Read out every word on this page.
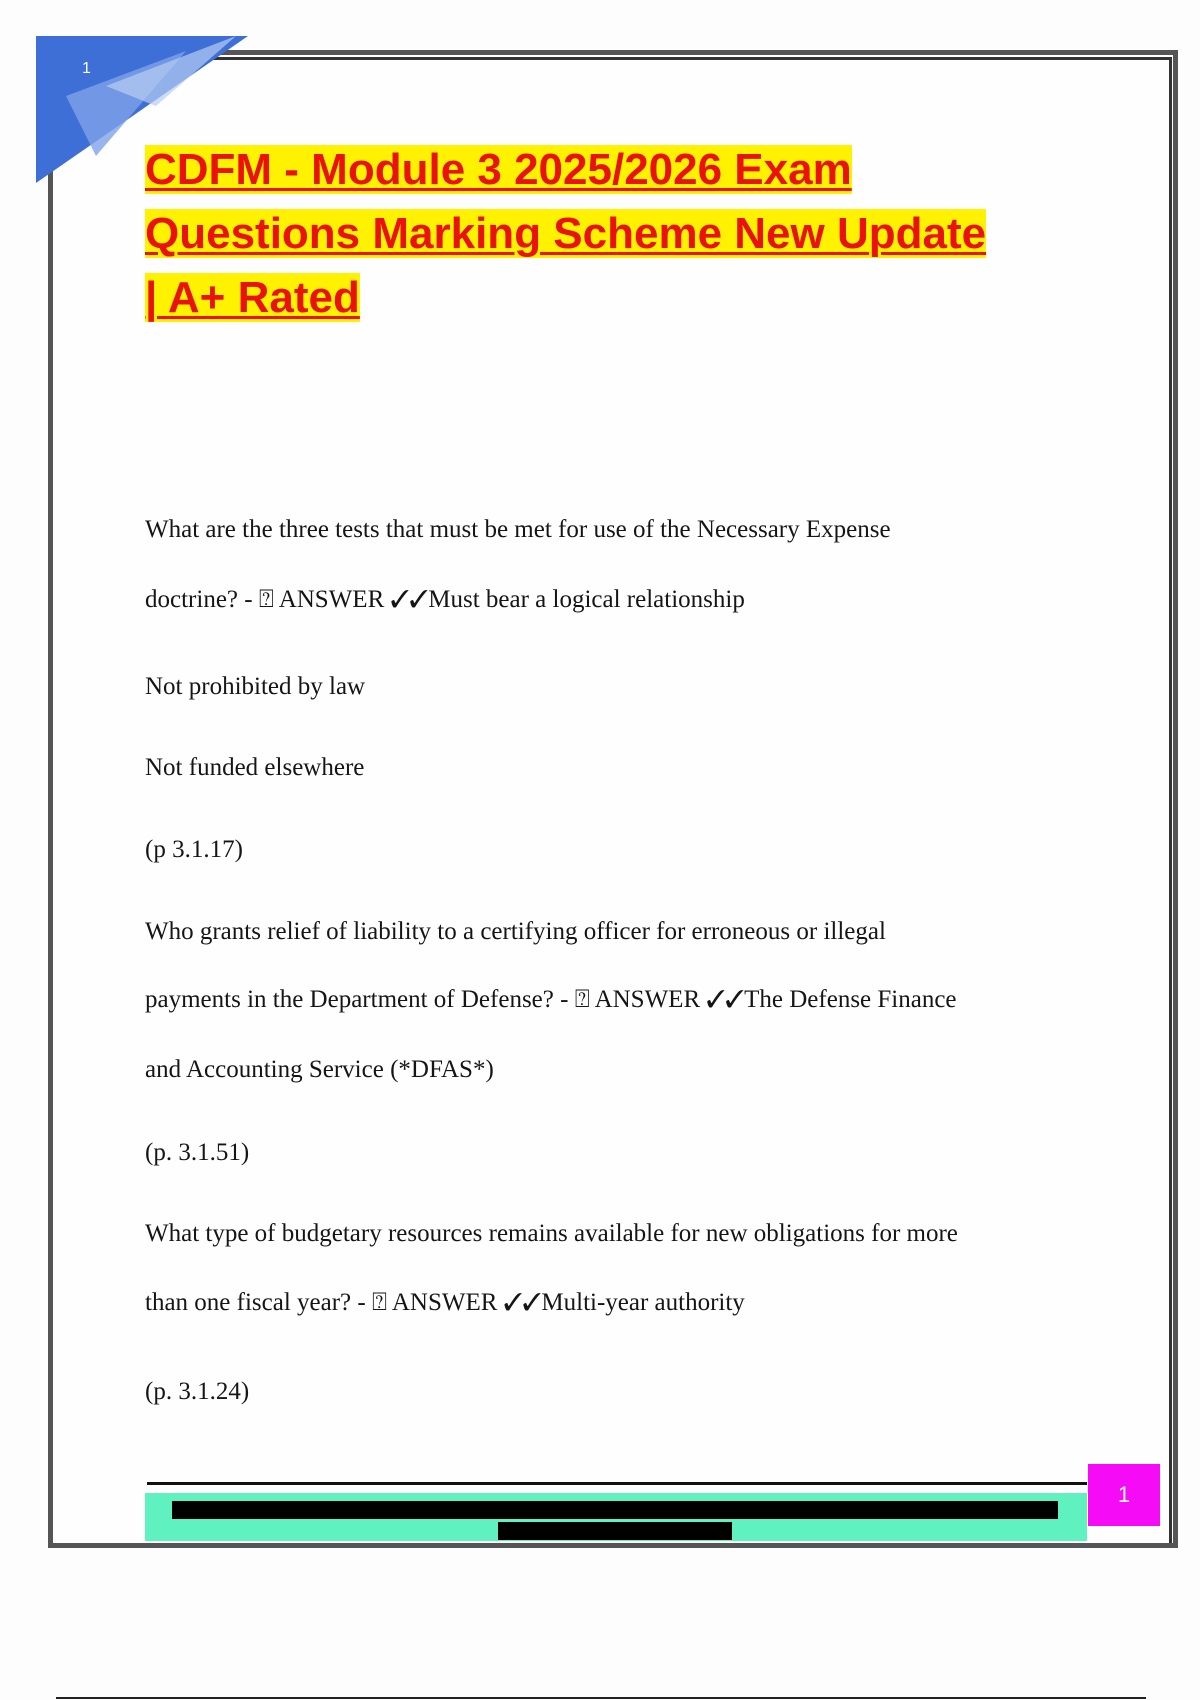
1
CDFM - Module 3 2025/2026 Exam
Questions Marking Scheme New Update
| A+ Rated

What are the three tests that must be met for use of the Necessary Expense

doctrine? - ⍰ ANSWER ✓✓Must bear a logical relationship

Not prohibited by law

Not funded elsewhere

(p 3.1.17)

Who grants relief of liability to a certifying officer for erroneous or illegal

payments in the Department of Defense? - ⍰ ANSWER ✓✓The Defense Finance

and Accounting Service (*DFAS*)

(p. 3.1.51)

What type of budgetary resources remains available for new obligations for more

than one fiscal year? - ⍰ ANSWER ✓✓Multi-year authority

(p. 3.1.24)

1
